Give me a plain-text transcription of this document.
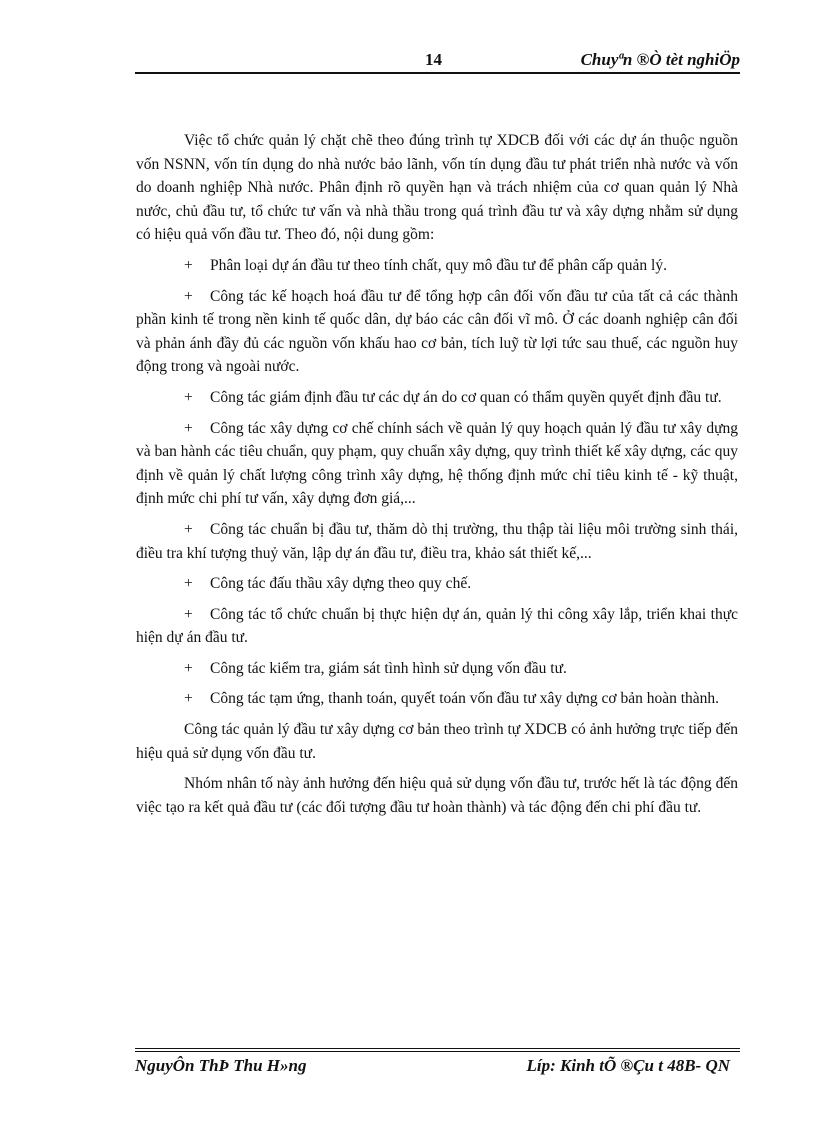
14	Chuyªn ®Ò tèt nghiÖp

Việc tổ chức quản lý chặt chẽ theo đúng trình tự XDCB đối với các dự án thuộc nguồn vốn NSNN, vốn tín dụng do nhà nước bảo lãnh, vốn tín dụng đầu tư phát triển nhà nước và vốn do doanh nghiệp Nhà nước. Phân định rõ quyền hạn và trách nhiệm của cơ quan quản lý Nhà nước, chủ đầu tư, tổ chức tư vấn và nhà thầu trong quá trình đầu tư và xây dựng nhằm sử dụng có hiệu quả vốn đầu tư. Theo đó, nội dung gồm:

+ Phân loại dự án đầu tư theo tính chất, quy mô đầu tư để phân cấp quản lý.

+ Công tác kế hoạch hoá đầu tư để tổng hợp cân đối vốn đầu tư của tất cả các thành phần kinh tế trong nền kinh tế quốc dân, dự báo các cân đối vĩ mô. Ở các doanh nghiệp cân đối và phản ánh đầy đủ các nguồn vốn khấu hao cơ bản, tích luỹ từ lợi tức sau thuế, các nguồn huy động trong và ngoài nước.

+ Công tác giám định đầu tư các dự án do cơ quan có thẩm quyền quyết định đầu tư.

+ Công tác xây dựng cơ chế chính sách về quản lý quy hoạch quản lý đầu tư xây dựng và ban hành các tiêu chuẩn, quy phạm, quy chuẩn xây dựng, quy trình thiết kế xây dựng, các quy định về quản lý chất lượng công trình xây dựng, hệ thống định mức chỉ tiêu kinh tế - kỹ thuật, định mức chi phí tư vấn, xây dựng đơn giá,...

+ Công tác chuẩn bị đầu tư, thăm dò thị trường, thu thập tài liệu môi trường sinh thái, điều tra khí tượng thuỷ văn, lập dự án đầu tư, điều tra, khảo sát thiết kế,...

+ Công tác đấu thầu xây dựng theo quy chế.

+ Công tác tổ chức chuẩn bị thực hiện dự án, quản lý thi công xây lắp, triển khai thực hiện dự án đầu tư.

+ Công tác kiểm tra, giám sát tình hình sử dụng vốn đầu tư.

+ Công tác tạm ứng, thanh toán, quyết toán vốn đầu tư xây dựng cơ bản hoàn thành.

Công tác quản lý đầu tư xây dựng cơ bản theo trình tự XDCB có ảnh hưởng trực tiếp đến hiệu quả sử dụng vốn đầu tư.

Nhóm nhân tố này ảnh hưởng đến hiệu quả sử dụng vốn đầu tư, trước hết là tác động đến việc tạo ra kết quả đầu tư (các đối tượng đầu tư hoàn thành) và tác động đến chi phí đầu tư.

NguyÔn ThÞ Thu H»ng	Líp: Kinh tÕ ®Çu t 48B- QN
